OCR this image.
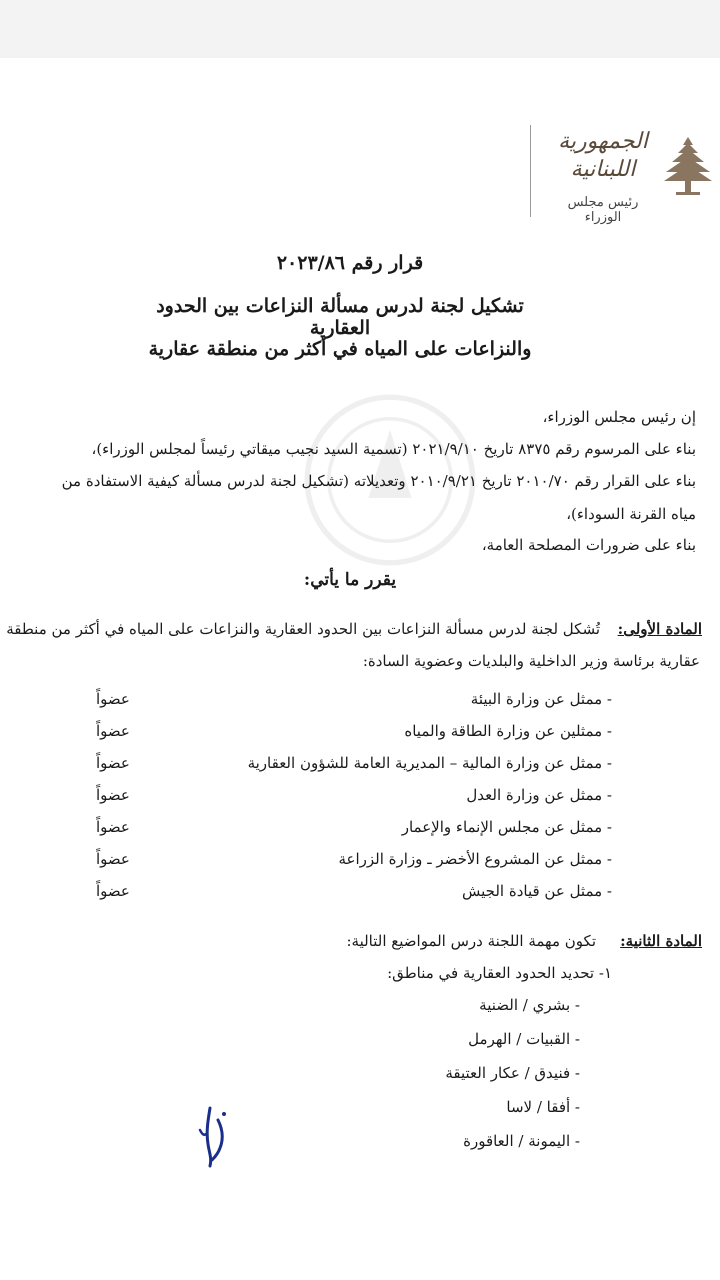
الجمهورية
اللبنانية
رئيس مجلس الوزراء
قرار رقم ٢٠٢٣/٨٦
تشكيل لجنة لدرس مسألة النزاعات بين الحدود العقارية
والنزاعات على المياه في أكثر من منطقة عقارية
إن رئيس مجلس الوزراء،
بناء على المرسوم رقم ٨٣٧٥ تاريخ ٢٠٢١/٩/١٠ (تسمية السيد نجيب ميقاتي رئيساً لمجلس الوزراء)،
بناء على القرار رقم ٢٠١٠/٧٠ تاريخ ٢٠١٠/٩/٢١ وتعديلاته (تشكيل لجنة لدرس مسألة كيفية الاستفادة من
مياه القرنة السوداء)،
بناء على ضرورات المصلحة العامة،
يقرر ما يأتي:
المادة الأولى:
تُشكل لجنة لدرس مسألة النزاعات بين الحدود العقارية والنزاعات على المياه في أكثر من منطقة
عقارية برئاسة وزير الداخلية والبلديات وعضوية السادة:
- ممثل عن وزارة البيئة
عضواً
- ممثلين عن وزارة الطاقة والمياه
عضواً
- ممثل عن وزارة المالية – المديرية العامة للشؤون العقارية
عضواً
- ممثل عن وزارة العدل
عضواً
- ممثل عن مجلس الإنماء والإعمار
عضواً
- ممثل عن المشروع الأخضر ـ وزارة الزراعة
عضواً
- ممثل عن قيادة الجيش
عضواً
المادة الثانية:
تكون مهمة اللجنة درس المواضيع التالية:
١- تحديد الحدود العقارية في مناطق:
- بشري / الضنية
- القبيات / الهرمل
- فنيدق / عكار العتيقة
- أفقا / لاسا
- اليمونة / العاقورة
